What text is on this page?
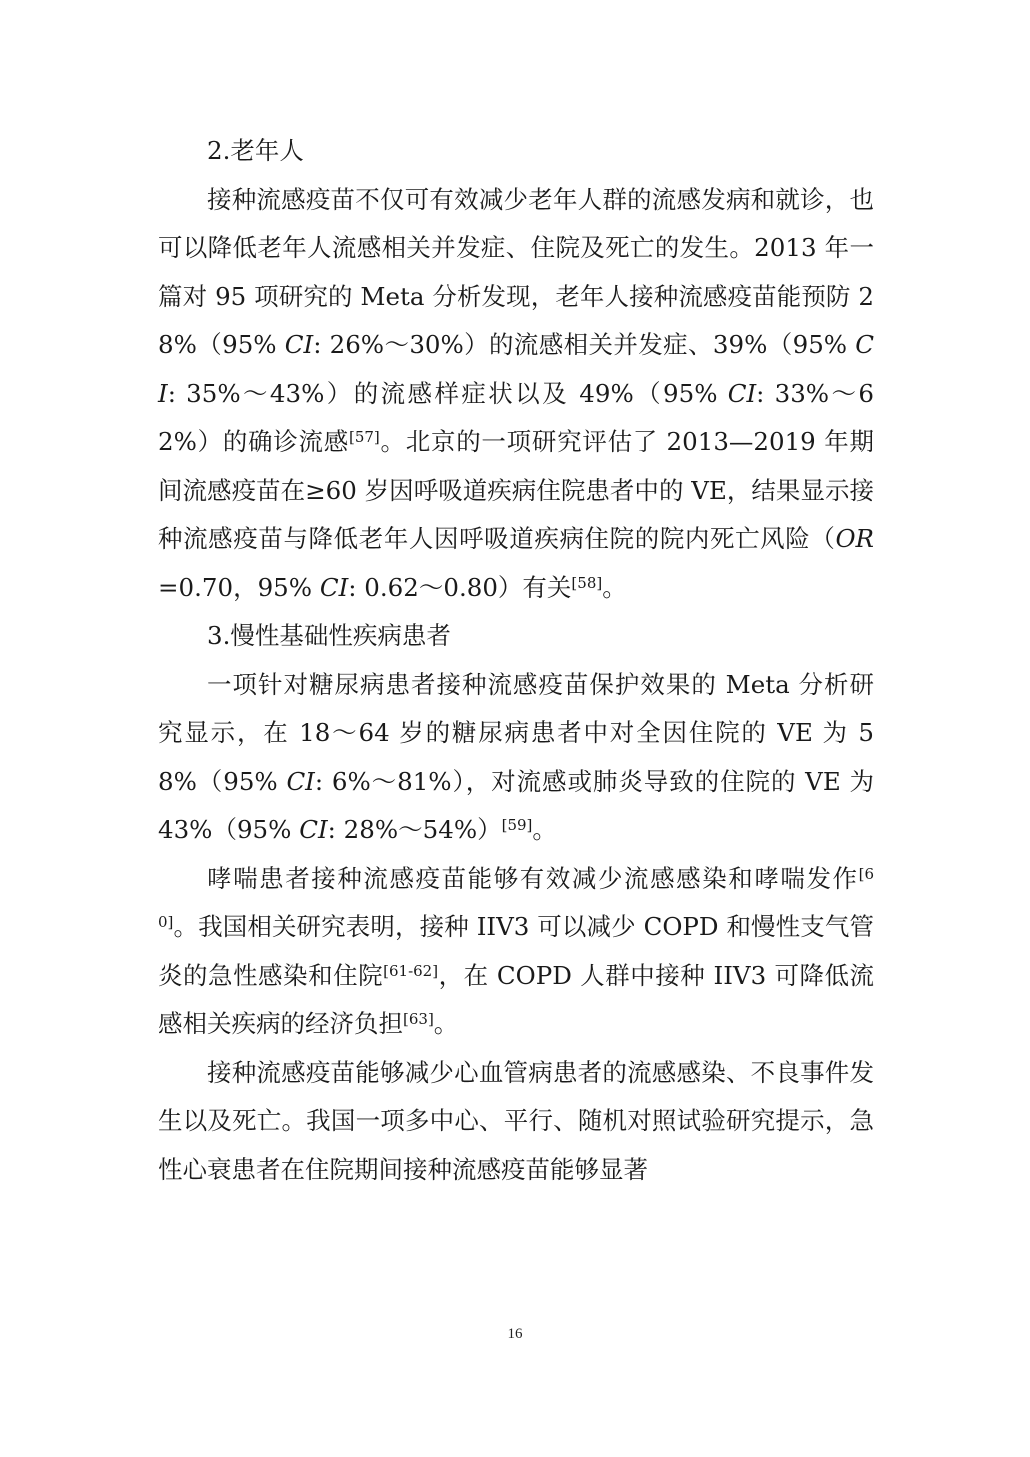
2.老年人

接种流感疫苗不仅可有效减少老年人群的流感发病和就诊，也可以降低老年人流感相关并发症、住院及死亡的发生。2013 年一篇对 95 项研究的 Meta 分析发现，老年人接种流感疫苗能预防 28%（95% CI: 26%～30%）的流感相关并发症、39%（95% CI: 35%～43%）的流感样症状以及 49%（95% CI: 33%～62%）的确诊流感[57]。北京的一项研究评估了 2013—2019 年期间流感疫苗在≥60 岁因呼吸道疾病住院患者中的 VE，结果显示接种流感疫苗与降低老年人因呼吸道疾病住院的院内死亡风险（OR=0.70，95% CI: 0.62～0.80）有关[58]。

3.慢性基础性疾病患者

一项针对糖尿病患者接种流感疫苗保护效果的 Meta 分析研究显示，在 18～64 岁的糖尿病患者中对全因住院的 VE 为 58%（95% CI: 6%～81%），对流感或肺炎导致的住院的 VE 为 43%（95% CI: 28%～54%）[59]。

哮喘患者接种流感疫苗能够有效减少流感感染和哮喘发作[60]。我国相关研究表明，接种 IIV3 可以减少 COPD 和慢性支气管炎的急性感染和住院[61-62]，在 COPD 人群中接种 IIV3 可降低流感相关疾病的经济负担[63]。

接种流感疫苗能够减少心血管病患者的流感感染、不良事件发生以及死亡。我国一项多中心、平行、随机对照试验研究提示，急性心衰患者在住院期间接种流感疫苗能够显著

16
